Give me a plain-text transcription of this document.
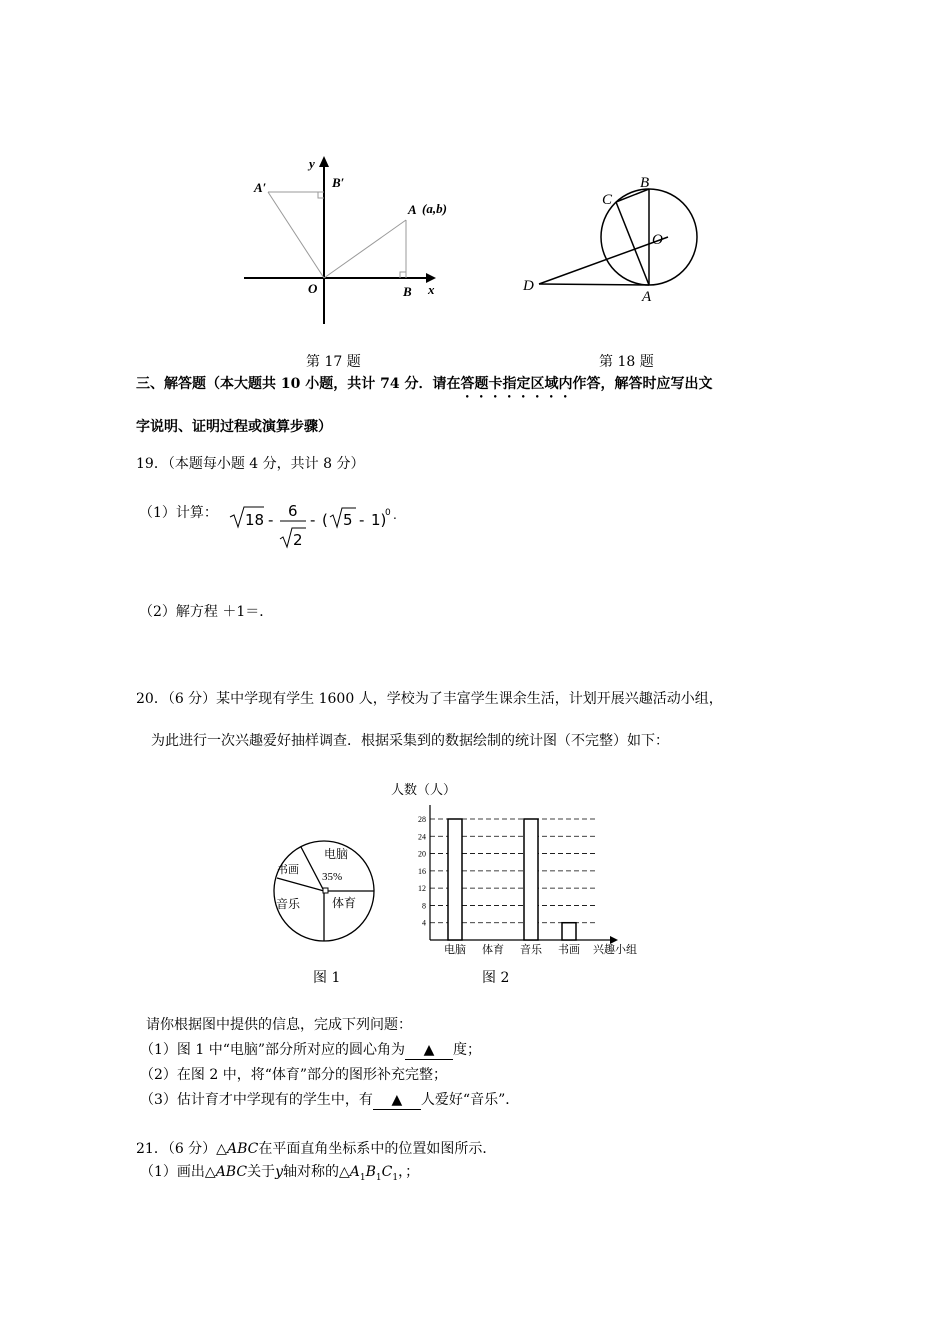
y
x
O
A (a,b)
B
A′	B′
第 17 题
B
C
O
D
A
第 18 题
三、解答题（本大题共 10 小题，共计 74 分．请在答题卡指定区域内作答，解答时应写出文
字说明、证明过程或演算步骤）
19．（本题每小题 4 分，共计 8 分）
（1）计算： 18 - 6
2
- ( 5 - 1)
0 .
（2）解方程 ＋1＝．
20．（6 分）某中学现有学生 1600 人，学校为了丰富学生课余生活，计划开展兴趣活动小组，
为此进行一次兴趣爱好抽样调查．根据采集到的数据绘制的统计图（不完整）如下：
电脑
35%
书画
音乐	体育
图 1
人数（人）
4
8
12
16
20
24
28
电脑 体育 音乐 书画 兴趣小组
图 2
请你根据图中提供的信息，完成下列问题：
（1）图 1 中“电脑”部分所对应的圆心角为 ▲ 度；
（2）在图 2 中，将“体育”部分的图形补充完整；
（3）估计育才中学现有的学生中，有 ▲ 人爱好“音乐”．
21．（6 分）△ABC在平面直角坐标系中的位置如图所示．
（1）画出△ABC关于y轴对称的$\triangle A_1B_1C_1$，；
